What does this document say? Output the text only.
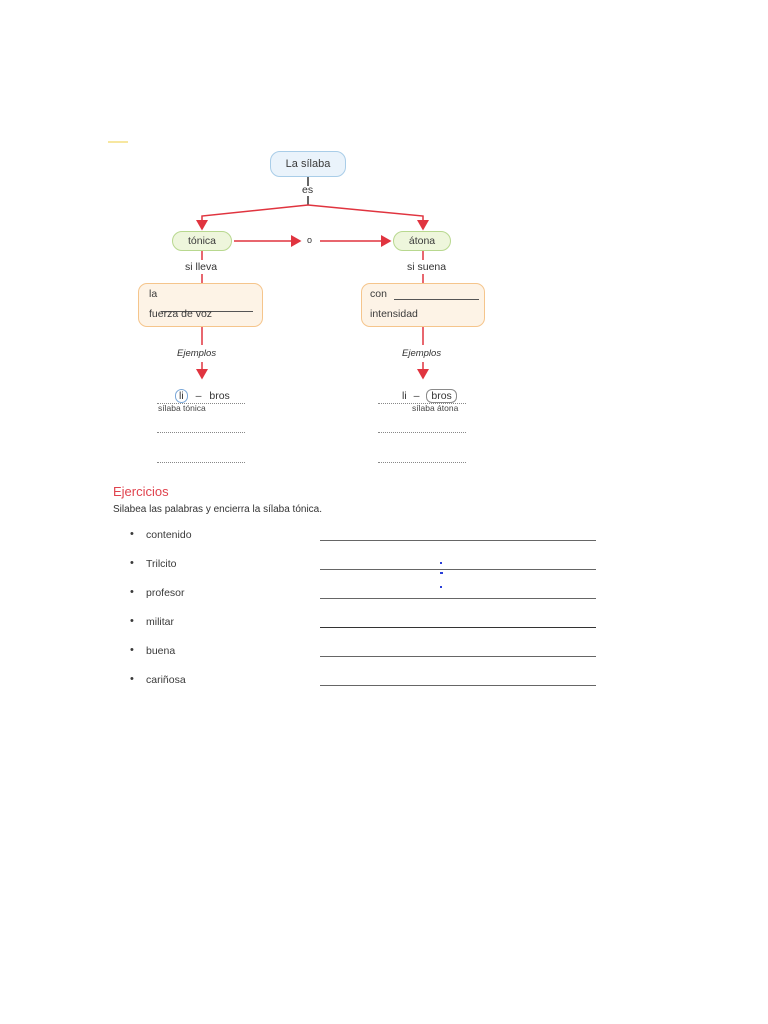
La sílaba
es
tónica	o	átona
si lleva	si suena
la
fuerza de voz
con
intensidad
Ejemplos	Ejemplos
li – bros
sílaba tónica
li – bros
sílaba átona
Ejercicios
Silabea las palabras y encierra la sílaba tónica.
• contenido
• Trilcito
• profesor
• militar
• buena
• cariñosa
